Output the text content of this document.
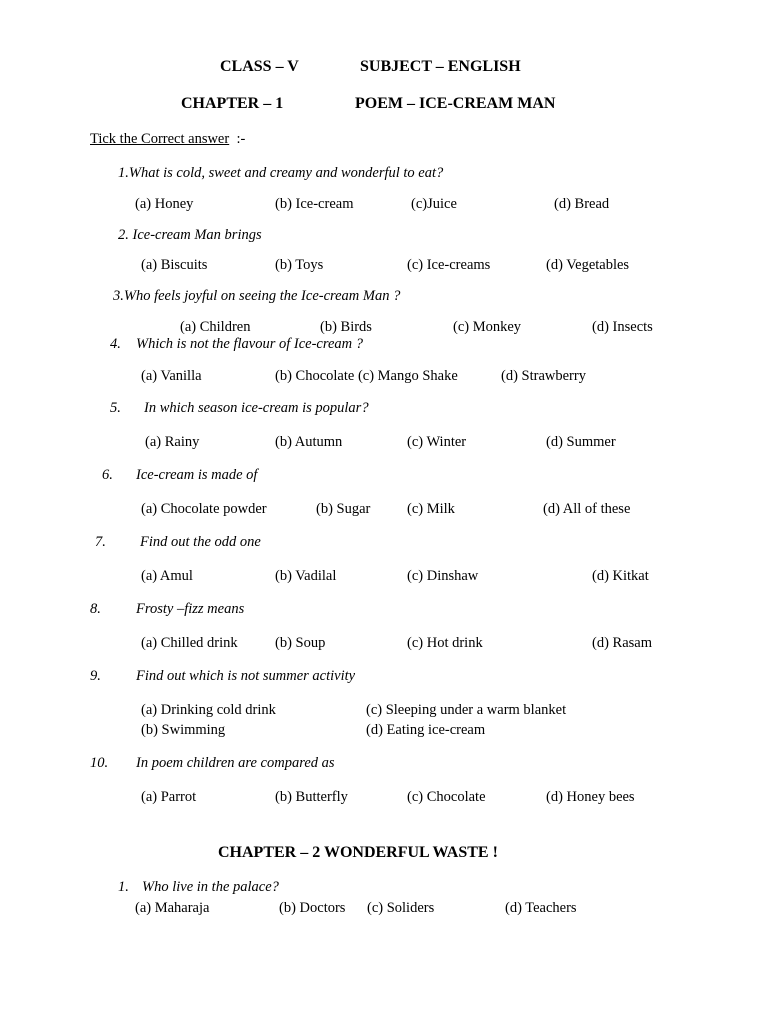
CLASS – V	SUBJECT – ENGLISH
CHAPTER – 1	POEM – ICE-CREAM MAN
Tick the Correct answer :-
1.What is cold, sweet and creamy and wonderful to eat?
(a) Honey	(b) Ice-cream	(c)Juice	(d) Bread
2. Ice-cream Man brings
(a) Biscuits	(b) Toys	(c) Ice-creams	(d) Vegetables
3.Who feels joyful on seeing the Ice-cream Man ?
(a) Children	(b) Birds	(c) Monkey	(d) Insects
4. Which is not the flavour of Ice-cream ?
(a) Vanilla	(b) Chocolate (c) Mango Shake	(d) Strawberry
5. In which season ice-cream is popular?
(a) Rainy	(b) Autumn	(c) Winter	(d) Summer
6. Ice-cream is made of
(a) Chocolate powder	(b) Sugar	(c) Milk	(d) All of these
7. Find out the odd one
(a) Amul	(b) Vadilal	(c) Dinshaw	(d) Kitkat
8. Frosty –fizz means
(a) Chilled drink	(b) Soup	(c) Hot drink	(d) Rasam
9. Find out which is not summer activity
(a) Drinking cold drink	(c) Sleeping under a warm blanket
(b) Swimming	(d) Eating ice-cream
10. In poem children are compared as
(a) Parrot	(b) Butterfly	(c) Chocolate	(d) Honey bees
CHAPTER – 2 WONDERFUL WASTE !
1. Who live in the palace?
(a) Maharaja	(b) Doctors (c) Soliders	(d) Teachers
